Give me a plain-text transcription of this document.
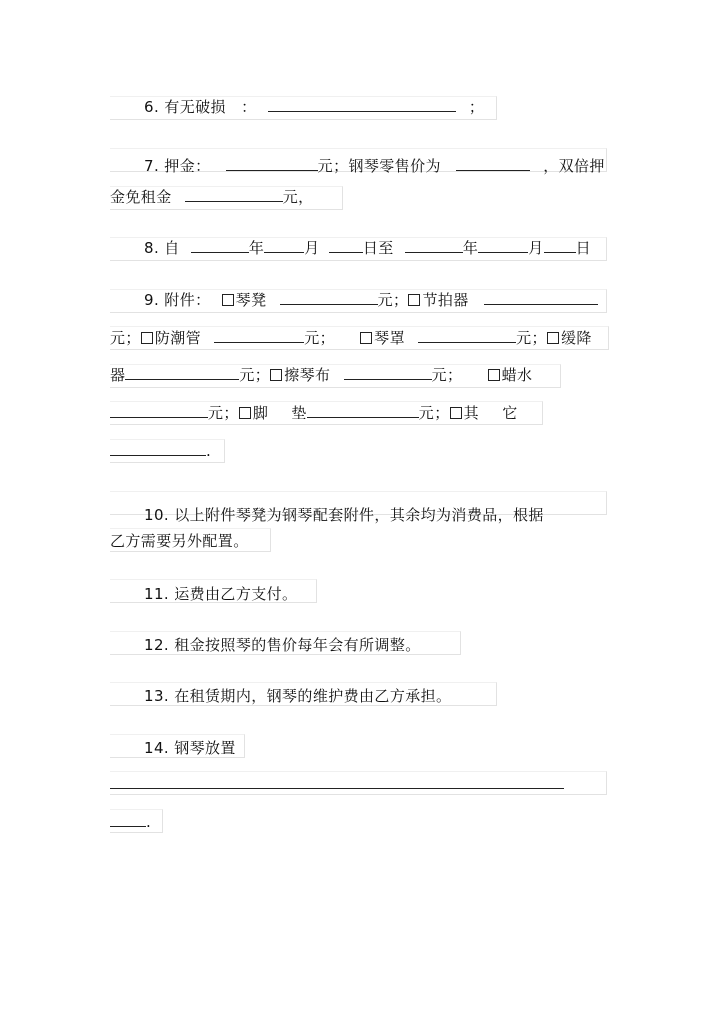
6. 有无破损 ：	；
7. 押金：	元；钢琴零售价为	，双倍押
金免租金	元，
8. 自	年	月	日至	年	月 日
9. 附件： 琴凳	元； 节拍器
元； 防潮管	元；	琴罩	元； 缓降
器	元； 擦琴布	元；	蜡水
元； 脚 垫	元； 其 它
.
10. 以上附件琴凳为钢琴配套附件，其余均为消费品，根据
乙方需要另外配置。
11. 运费由乙方支付。
12. 租金按照琴的售价每年会有所调整。
13. 在租赁期内，钢琴的维护费由乙方承担。
14. 钢琴放置
.
